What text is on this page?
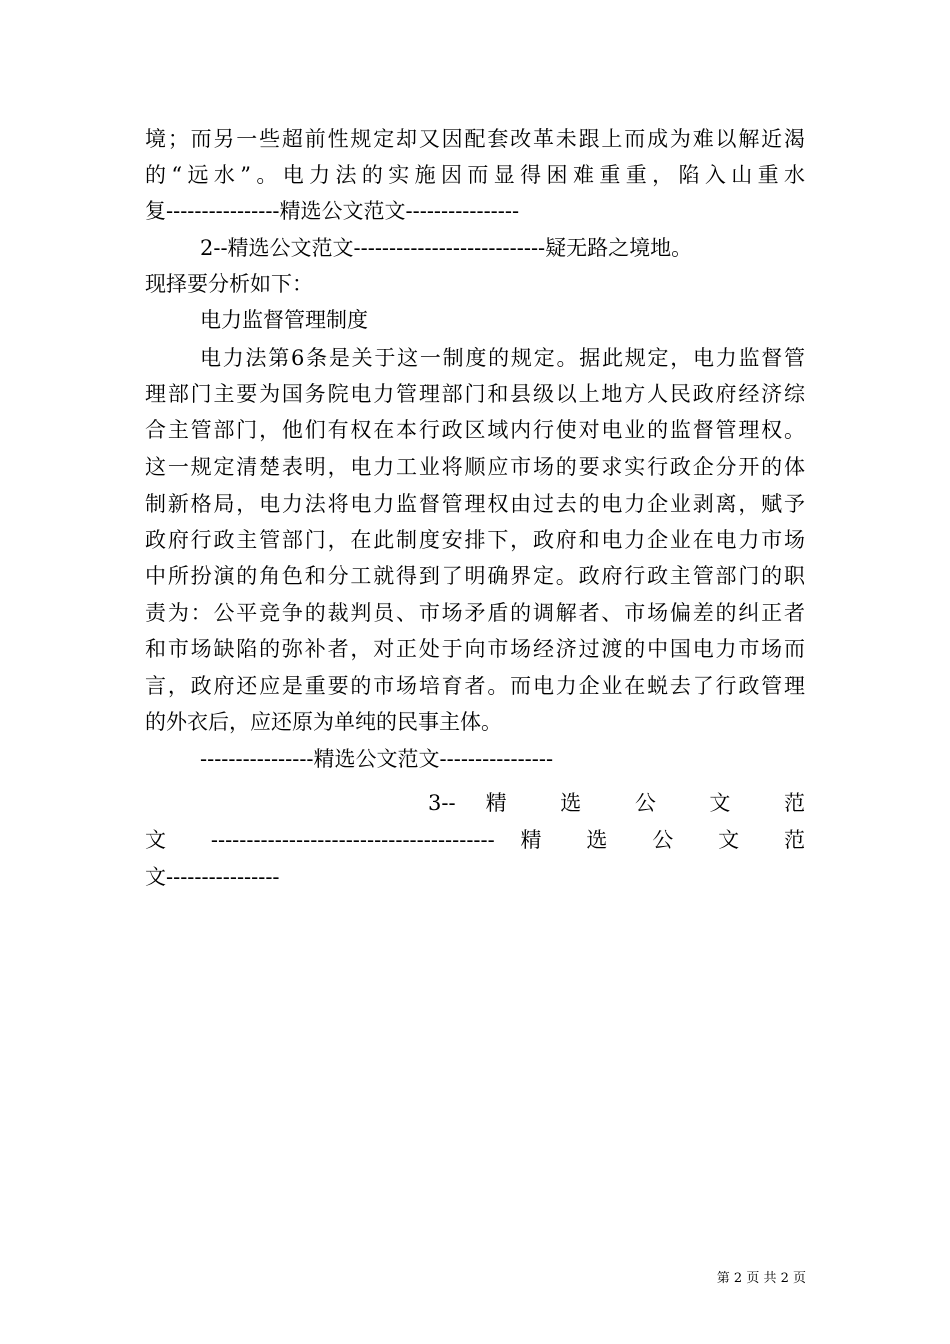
境；而另一些超前性规定却又因配套改革未跟上而成为难以解近渴
的“远水”。电力法的实施因而显得困难重重，陷入山重水
复----------------精选公文范文----------------
2--精选公文范文---------------------------疑无路之境地。
现择要分析如下：
电力监督管理制度
电力法第6条是关于这一制度的规定。据此规定，电力监督管
理部门主要为国务院电力管理部门和县级以上地方人民政府经济综
合主管部门，他们有权在本行政区域内行使对电业的监督管理权。
这一规定清楚表明，电力工业将顺应市场的要求实行政企分开的体
制新格局，电力法将电力监督管理权由过去的电力企业剥离，赋予
政府行政主管部门，在此制度安排下，政府和电力企业在电力市场
中所扮演的角色和分工就得到了明确界定。政府行政主管部门的职
责为：公平竞争的裁判员、市场矛盾的调解者、市场偏差的纠正者
和市场缺陷的弥补者，对正处于向市场经济过渡的中国电力市场而
言，政府还应是重要的市场培育者。而电力企业在蜕去了行政管理
的外衣后，应还原为单纯的民事主体。
----------------精选公文范文----------------
3-- 精 选 公 文 范
文 ---------------------------------------- 精 选 公 文 范
文----------------
第 2 页 共 2 页
